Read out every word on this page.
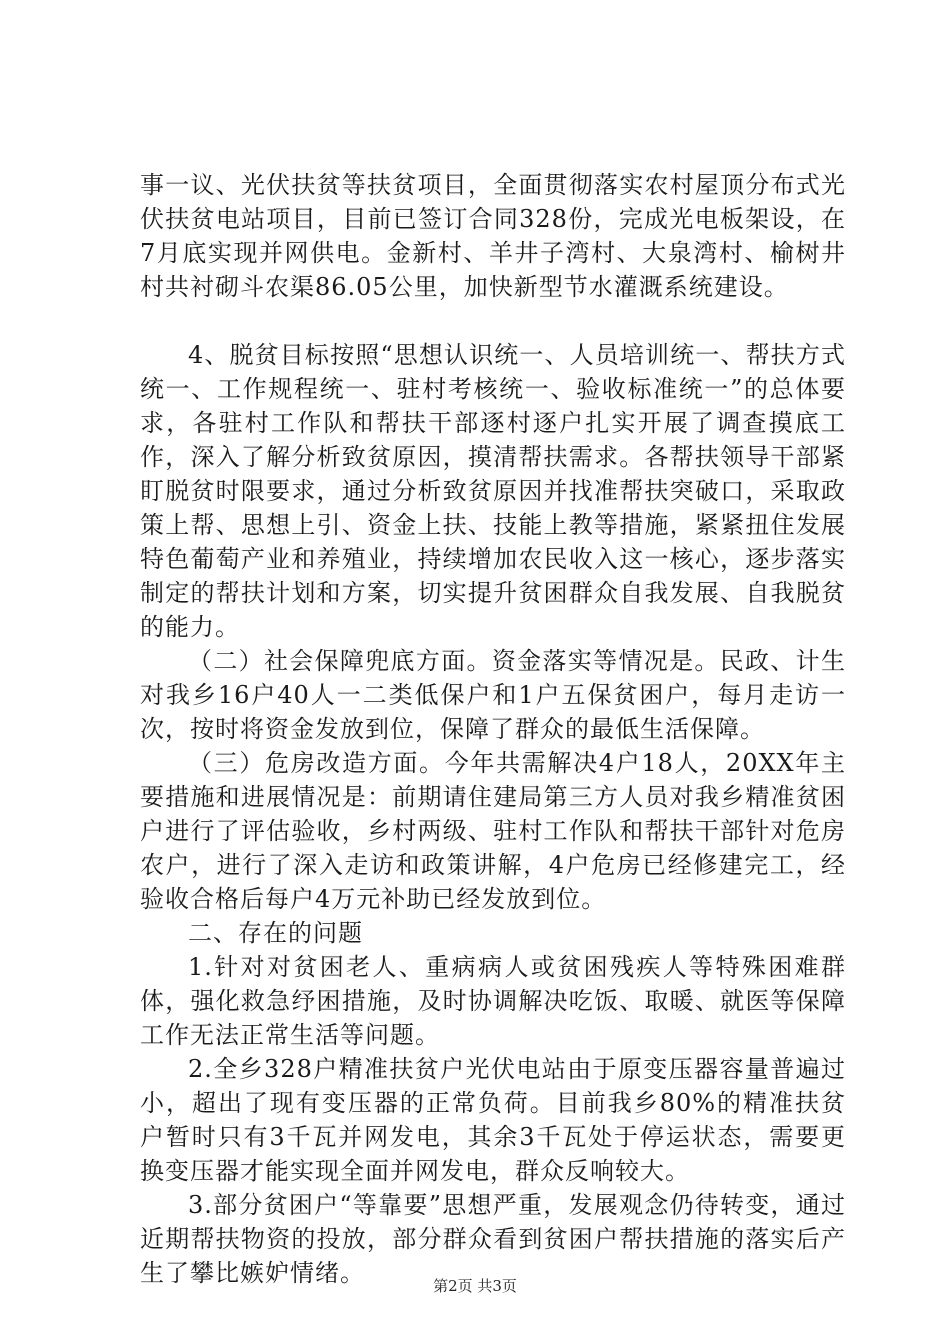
事一议、光伏扶贫等扶贫项目，全面贯彻落实农村屋顶分布式光伏扶贫电站项目，目前已签订合同328份，完成光电板架设，在7月底实现并网供电。金新村、羊井子湾村、大泉湾村、榆树井村共衬砌斗农渠86.05公里，加快新型节水灌溉系统建设。

4、脱贫目标按照“思想认识统一、人员培训统一、帮扶方式统一、工作规程统一、驻村考核统一、验收标准统一”的总体要求，各驻村工作队和帮扶干部逐村逐户扎实开展了调查摸底工作，深入了解分析致贫原因，摸清帮扶需求。各帮扶领导干部紧盯脱贫时限要求，通过分析致贫原因并找准帮扶突破口，采取政策上帮、思想上引、资金上扶、技能上教等措施，紧紧扭住发展特色葡萄产业和养殖业，持续增加农民收入这一核心，逐步落实制定的帮扶计划和方案，切实提升贫困群众自我发展、自我脱贫的能力。

（二）社会保障兜底方面。资金落实等情况是。民政、计生对我乡16户40人一二类低保户和1户五保贫困户，每月走访一次，按时将资金发放到位，保障了群众的最低生活保障。

（三）危房改造方面。今年共需解决4户18人，20XX年主要措施和进展情况是：前期请住建局第三方人员对我乡精准贫困户进行了评估验收，乡村两级、驻村工作队和帮扶干部针对危房农户，进行了深入走访和政策讲解，4户危房已经修建完工，经验收合格后每户4万元补助已经发放到位。

二、存在的问题

1.针对对贫困老人、重病病人或贫困残疾人等特殊困难群体，强化救急纾困措施，及时协调解决吃饭、取暖、就医等保障工作无法正常生活等问题。

2.全乡328户精准扶贫户光伏电站由于原变压器容量普遍过小，超出了现有变压器的正常负荷。目前我乡80%的精准扶贫户暂时只有3千瓦并网发电，其余3千瓦处于停运状态，需要更换变压器才能实现全面并网发电，群众反响较大。

3.部分贫困户“等靠要”思想严重，发展观念仍待转变，通过近期帮扶物资的投放，部分群众看到贫困户帮扶措施的落实后产生了攀比嫉妒情绪。	第2页 共3页
